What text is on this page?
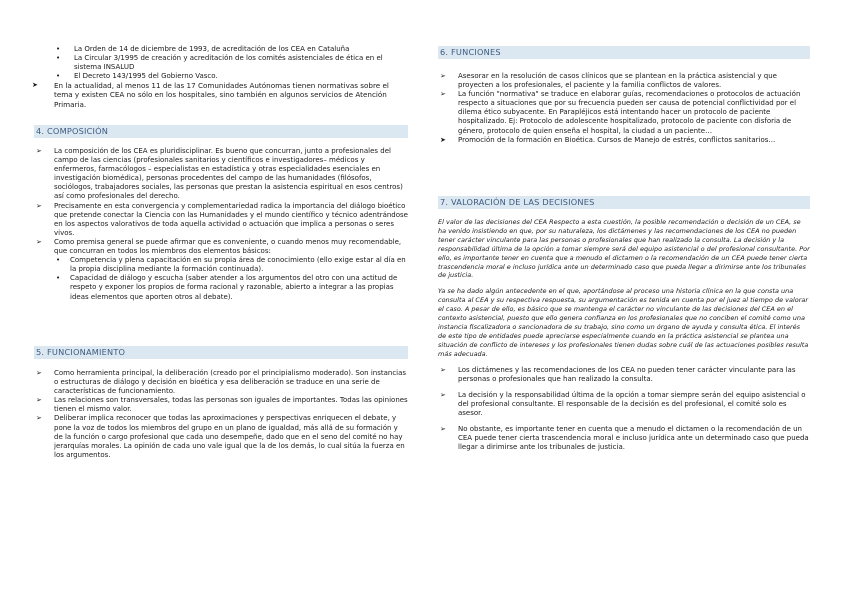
• La Orden de 14 de diciembre de 1993, de acreditación de los CEA en Cataluña
• La Circular 3/1995 de creación y acreditación de los comités asistenciales de ética en el sistema INSALUD
• El Decreto 143/1995 del Gobierno Vasco.
➤ En la actualidad, al menos 11 de las 17 Comunidades Autónomas tienen normativas sobre el tema y existen CEA no sólo en los hospitales, sino también en algunos servicios de Atención Primaria.
4. COMPOSICIÓN
➢ La composición de los CEA es pluridisciplinar. Es bueno que concurran, junto a profesionales del campo de las ciencias (profesionales sanitarios y científicos e investigadores– médicos y enfermeros, farmacólogos – especialistas en estadística y otras especialidades esenciales en investigación biomédica), personas procedentes del campo de las humanidades (filósofos, sociólogos, trabajadores sociales, las personas que prestan la asistencia espiritual en esos centros) así como profesionales del derecho.
➢ Precisamente en esta convergencia y complementariedad radica la importancia del diálogo bioético que pretende conectar la Ciencia con las Humanidades y el mundo científico y técnico adentrándose en los aspectos valorativos de toda aquella actividad o actuación que implica a personas o seres vivos.
➢ Como premisa general se puede afirmar que es conveniente, o cuando menos muy recomendable, que concurran en todos los miembros dos elementos básicos:
• Competencia y plena capacitación en su propia área de conocimiento (ello exige estar al día en la propia disciplina mediante la formación continuada).
• Capacidad de diálogo y escucha (saber atender a los argumentos del otro con una actitud de respeto y exponer los propios de forma racional y razonable, abierto a integrar a las propias ideas elementos que aporten otros al debate).
5. FUNCIONAMIENTO
➢ Como herramienta principal, la deliberación (creado por el principialismo moderado). Son instancias o estructuras de diálogo y decisión en bioética y esa deliberación se traduce en una serie de características de funcionamiento.
➢ Las relaciones son transversales, todas las personas son iguales de importantes. Todas las opiniones tienen el mismo valor.
➢ Deliberar implica reconocer que todas las aproximaciones y perspectivas enriquecen el debate, y pone la voz de todos los miembros del grupo en un plano de igualdad, más allá de su formación y de la función o cargo profesional que cada uno desempeñe, dado que en el seno del comité no hay jerarquías morales. La opinión de cada uno vale igual que la de los demás, lo cual sitúa la fuerza en los argumentos.
6. FUNCIONES
➢ Asesorar en la resolución de casos clínicos que se plantean en la práctica asistencial y que proyecten a los profesionales, el paciente y la familia conflictos de valores.
➢ La función "normativa" se traduce en elaborar guías, recomendaciones o protocolos de actuación respecto a situaciones que por su frecuencia pueden ser causa de potencial conflictividad por el dilema ético subyacente. En Parapléjicos está intentando hacer un protocolo de paciente hospitalizado. Ej: Protocolo de adolescente hospitalizado, protocolo de paciente con disforia de género, protocolo de quien enseña el hospital, la ciudad a un paciente…
➤ Promoción de la formación en Bioética. Cursos de Manejo de estrés, conflictos sanitarios…
7. VALORACIÓN DE LAS DECISIONES

El valor de las decisiones del CEA Respecto a esta cuestión, la posible recomendación o decisión de un CEA, se ha venido insistiendo en que, por su naturaleza, los dictámenes y las recomendaciones de los CEA no pueden tener carácter vinculante para las personas o profesionales que han realizado la consulta. La decisión y la responsabilidad última de la opción a tomar siempre será del equipo asistencial o del profesional consultante. Por ello, es importante tener en cuenta que a menudo el dictamen o la recomendación de un CEA puede tener cierta trascendencia moral e incluso jurídica ante un determinado caso que pueda llegar a dirimirse ante los tribunales de justicia.

Ya se ha dado algún antecedente en el que, aportándose al proceso una historia clínica en la que consta una consulta al CEA y su respectiva respuesta, su argumentación es tenida en cuenta por el juez al tiempo de valorar el caso. A pesar de ello, es básico que se mantenga el carácter no vinculante de las decisiones del CEA en el contexto asistencial, puesto que ello genera confianza en los profesionales que no conciben el comité como una instancia fiscalizadora o sancionadora de su trabajo, sino como un órgano de ayuda y consulta ética. El interés de este tipo de entidades puede apreciarse especialmente cuando en la práctica asistencial se plantea una situación de conflicto de intereses y los profesionales tienen dudas sobre cuál de las actuaciones posibles resulta más adecuada.

➢ Los dictámenes y las recomendaciones de los CEA no pueden tener carácter vinculante para las personas o profesionales que han realizado la consulta.
➢ La decisión y la responsabilidad última de la opción a tomar siempre serán del equipo asistencial o del profesional consultante. El responsable de la decisión es del profesional, el comité solo es asesor.
➢ No obstante, es importante tener en cuenta que a menudo el dictamen o la recomendación de un CEA puede tener cierta trascendencia moral e incluso jurídica ante un determinado caso que pueda llegar a dirimirse ante los tribunales de justicia.
